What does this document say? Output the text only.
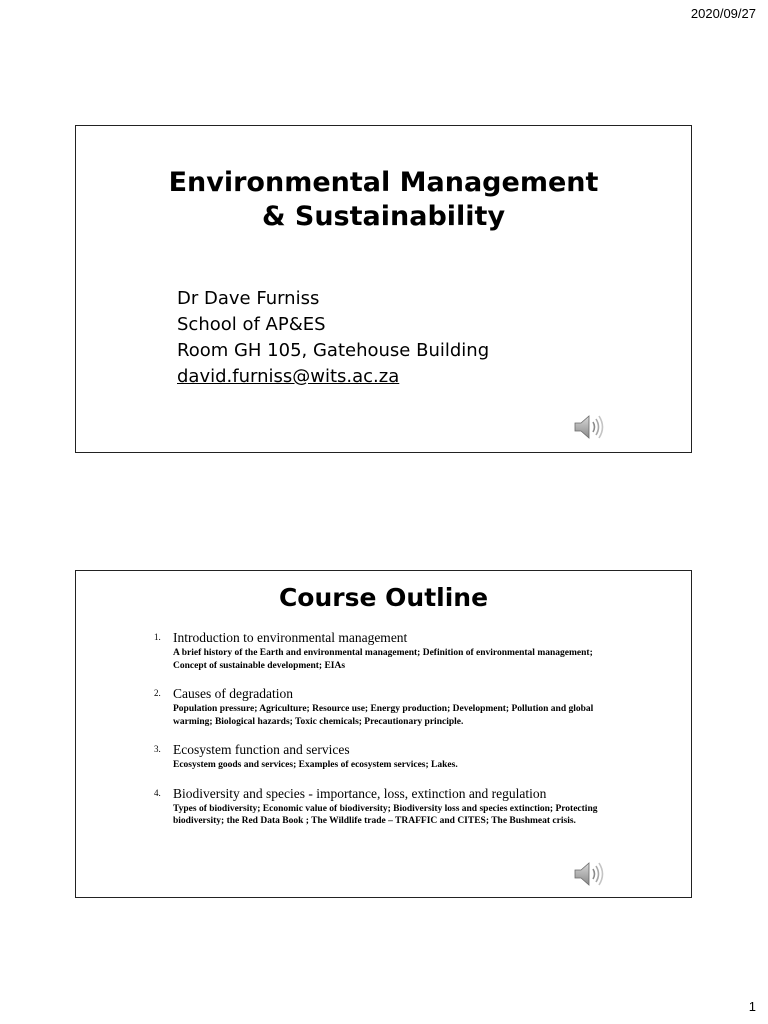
2020/09/27
Environmental Management
& Sustainability
Dr Dave Furniss
School of AP&ES
Room GH 105, Gatehouse Building
david.furniss@wits.ac.za
Course Outline
1. Introduction to environmental management
A brief history of the Earth and environmental management; Definition of environmental management; Concept of sustainable development; EIAs
2. Causes of degradation
Population pressure; Agriculture; Resource use; Energy production; Development; Pollution and global warming; Biological hazards; Toxic chemicals; Precautionary principle.
3. Ecosystem function and services
Ecosystem goods and services; Examples of ecosystem services; Lakes.
4. Biodiversity and species - importance, loss, extinction and regulation
Types of biodiversity; Economic value of biodiversity; Biodiversity loss and species extinction; Protecting biodiversity; the Red Data Book ; The Wildlife trade – TRAFFIC and CITES; The Bushmeat crisis.
1
